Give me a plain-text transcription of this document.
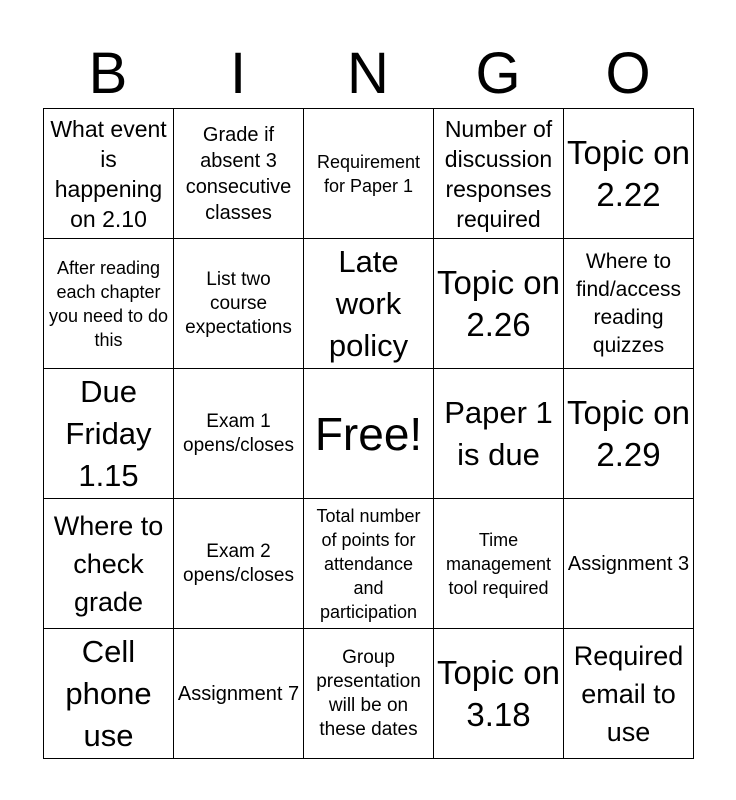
B	I	N	G	O
What event is happening on 2.10	Grade if absent 3 consecutive classes	Requirement for Paper 1	Number of discussion responses required	Topic on 2.22
After reading each chapter you need to do this	List two course expectations	Late work policy	Topic on 2.26	Where to find/access reading quizzes
Due Friday 1.15	Exam 1 opens/closes	Free!	Paper 1 is due	Topic on 2.29
Where to check grade	Exam 2 opens/closes	Total number of points for attendance and participation	Time management tool required	Assignment 3
Cell phone use	Assignment 7	Group presentation will be on these dates	Topic on 3.18	Required email to use
